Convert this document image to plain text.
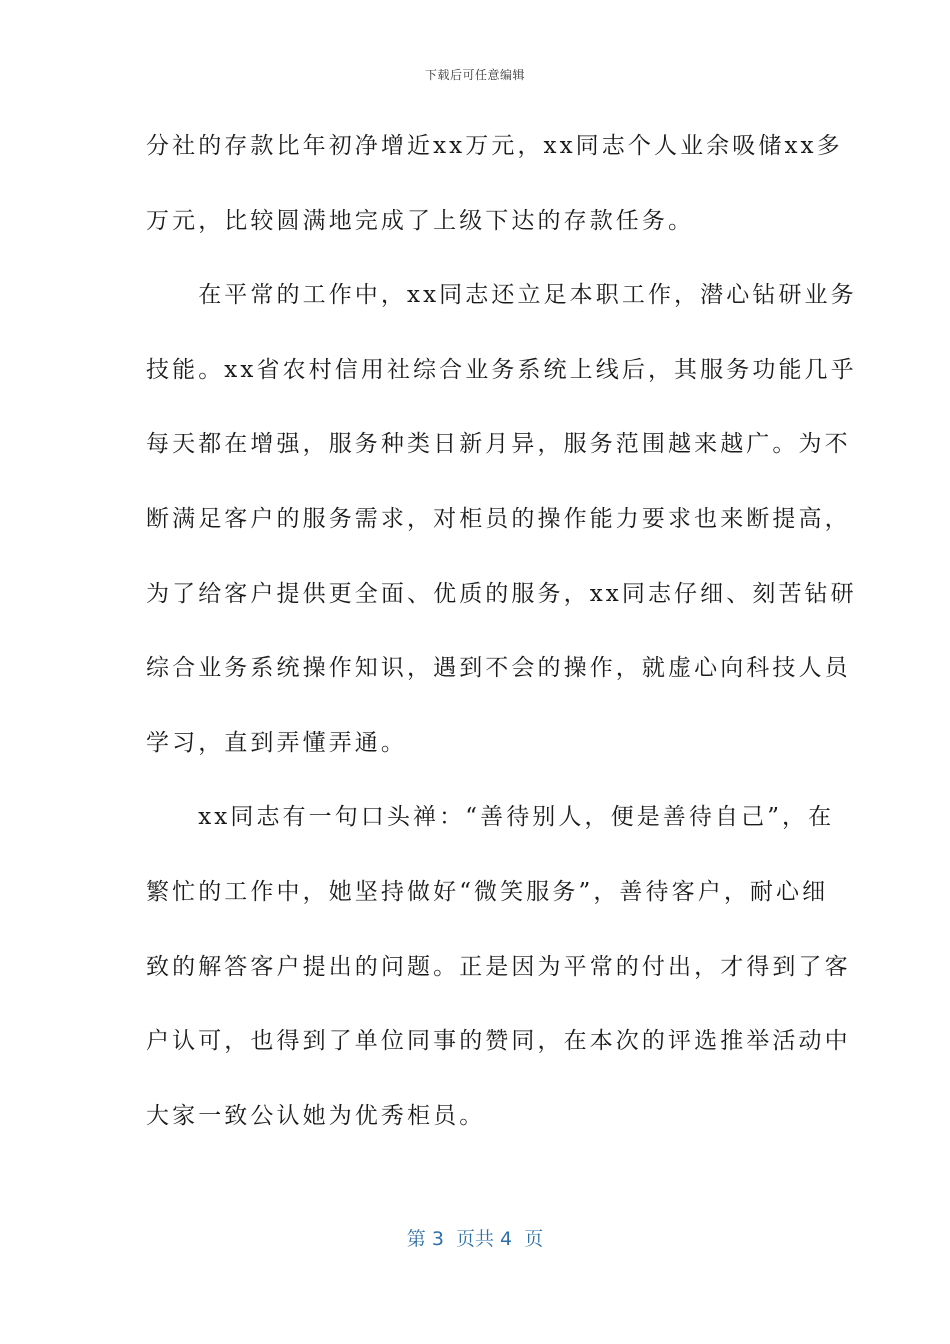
下载后可任意编辑
分社的存款比年初净增近xx万元，xx同志个人业余吸储xx多
万元，比较圆满地完成了上级下达的存款任务。
　　在平常的工作中，xx同志还立足本职工作，潜心钻研业务
技能。xx省农村信用社综合业务系统上线后，其服务功能几乎
每天都在增强，服务种类日新月异，服务范围越来越广。为不
断满足客户的服务需求，对柜员的操作能力要求也来断提高，
为了给客户提供更全面、优质的服务，xx同志仔细、刻苦钻研
综合业务系统操作知识，遇到不会的操作，就虚心向科技人员
学习，直到弄懂弄通。
　　xx同志有一句口头禅：“善待别人，便是善待自己”，在
繁忙的工作中，她坚持做好“微笑服务”，善待客户，耐心细
致的解答客户提出的问题。正是因为平常的付出，才得到了客
户认可，也得到了单位同事的赞同，在本次的评选推举活动中
大家一致公认她为优秀柜员。
第 3  页共 4  页
